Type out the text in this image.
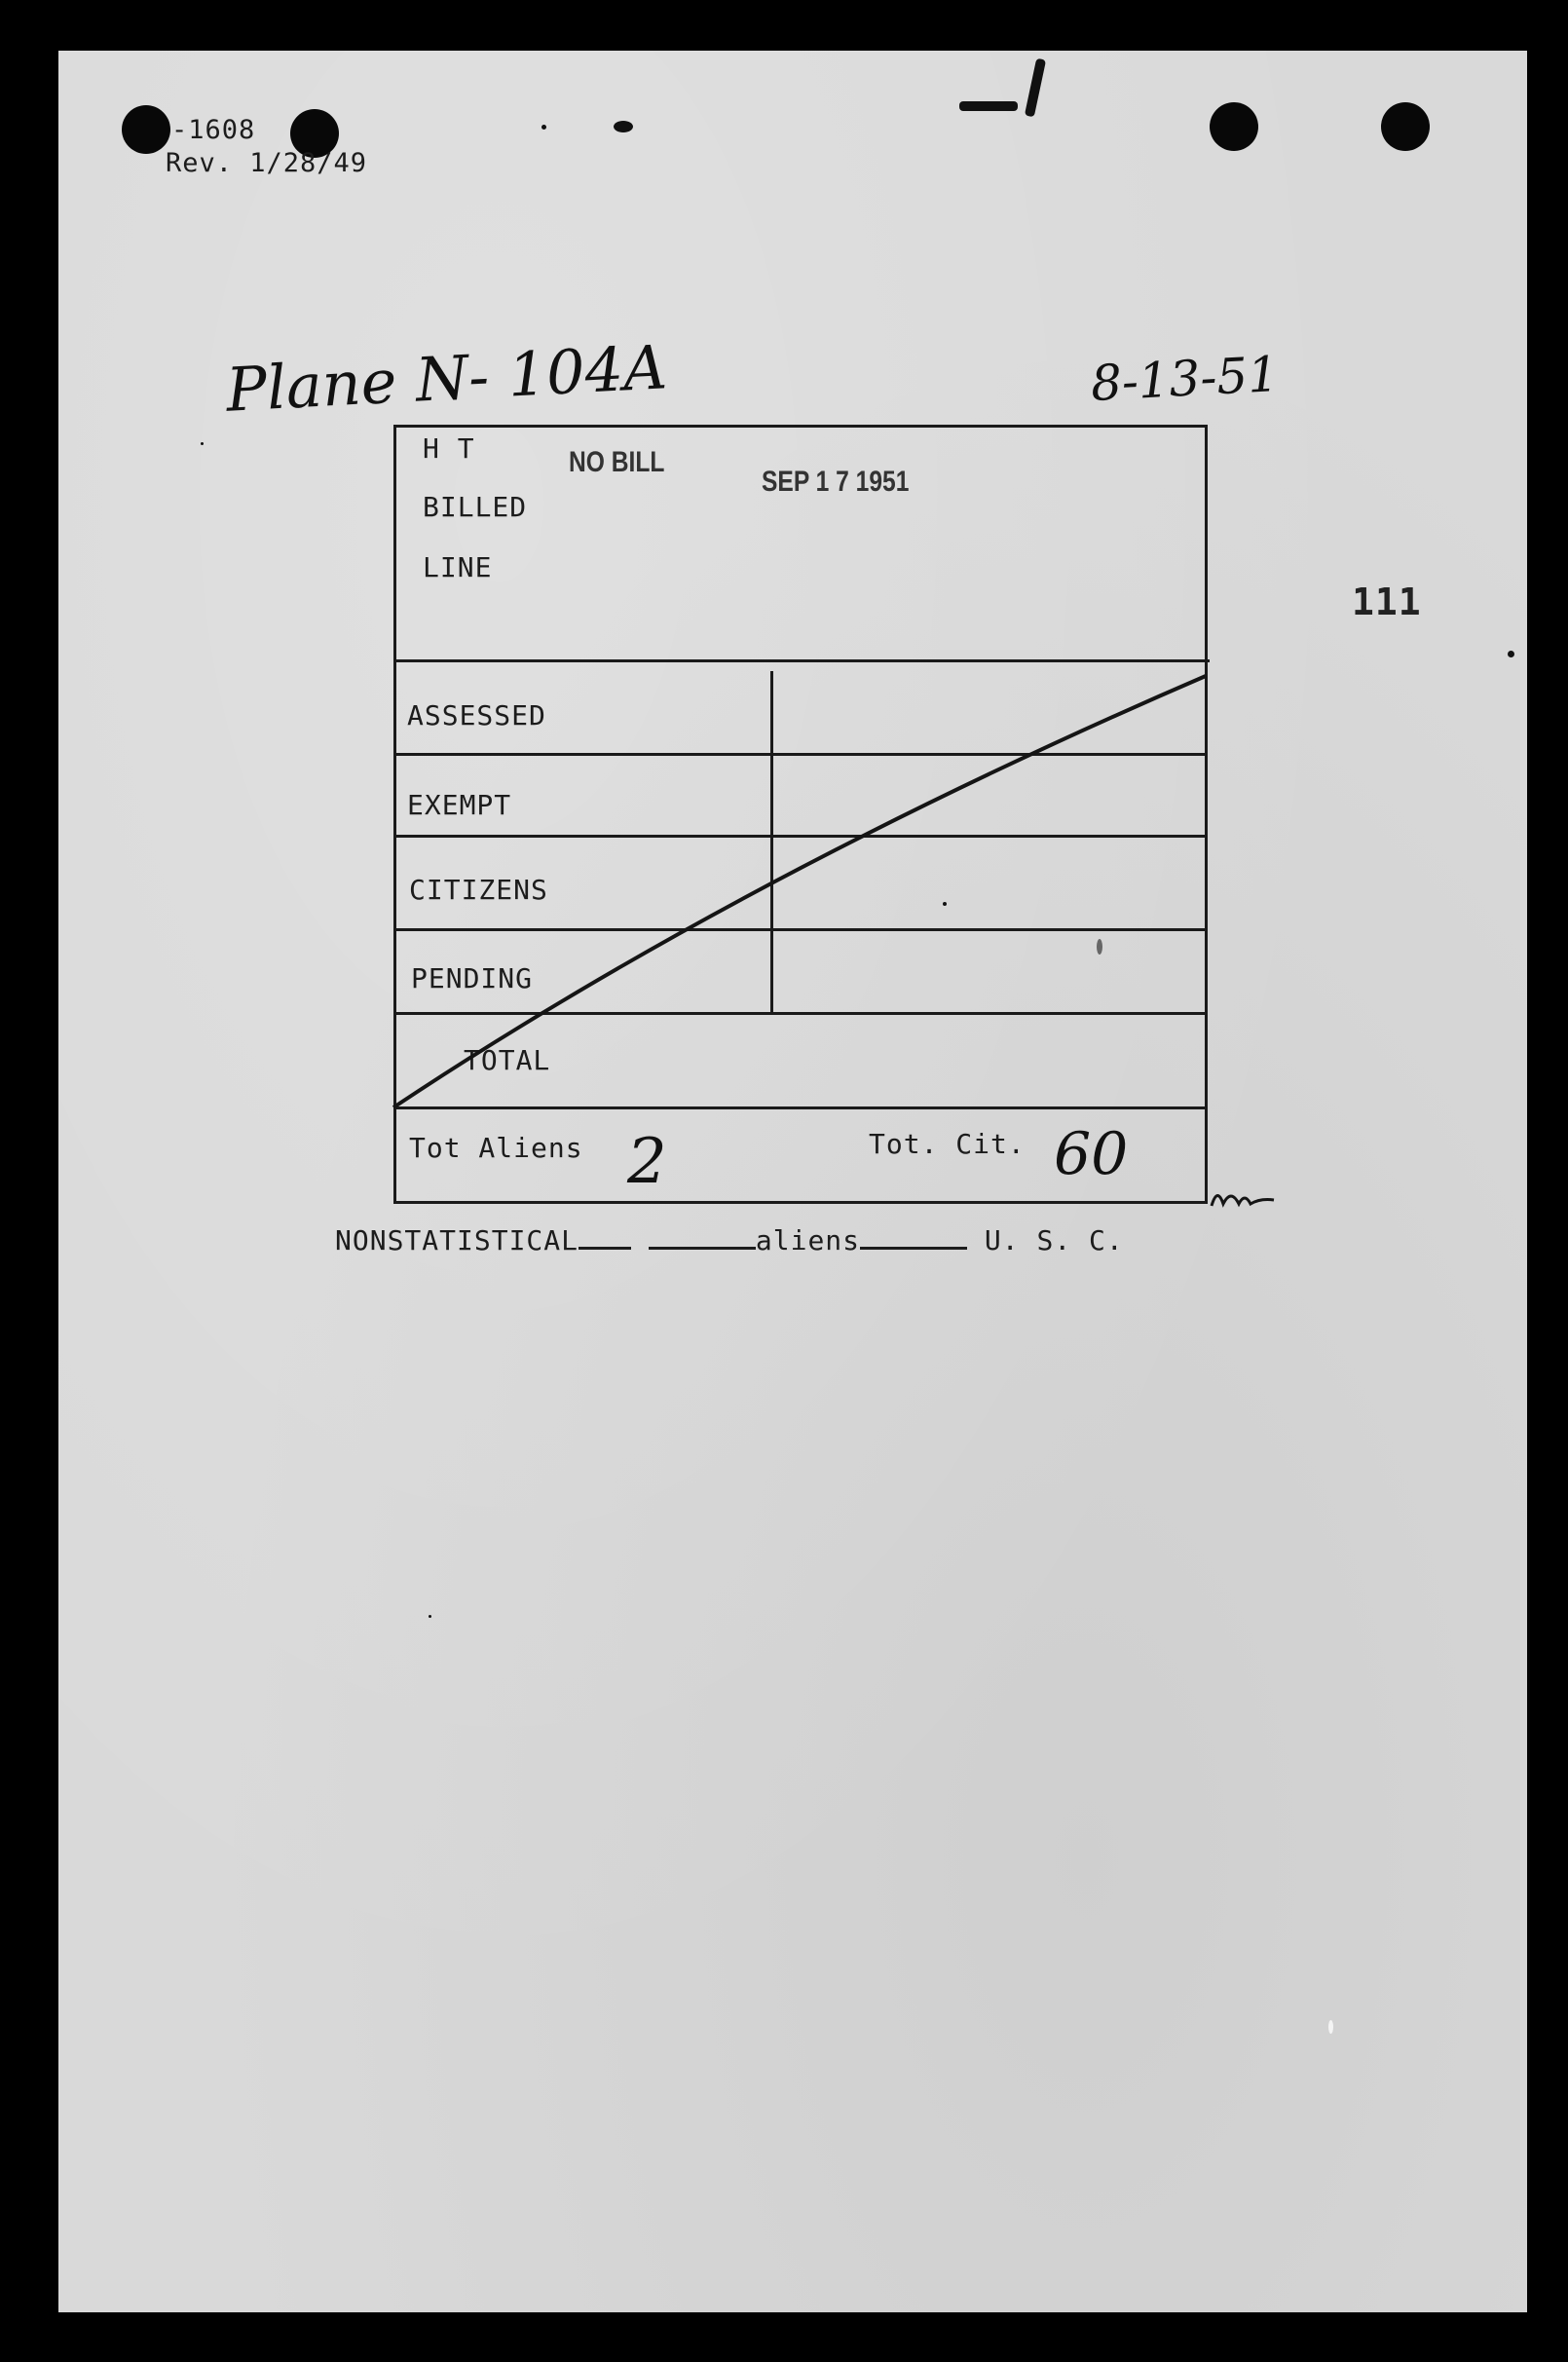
-1608
Rev. 1/28/49
Plane N- 104A	8-13-51
111
H T
BILLED
LINE
NO BILL
SEP 1 7 1951
ASSESSED
EXEMPT
CITIZENS
PENDING
TOTAL
Tot Aliens 2	Tot. Cit. 60
NONSTATISTICAL	aliens	U. S. C.
